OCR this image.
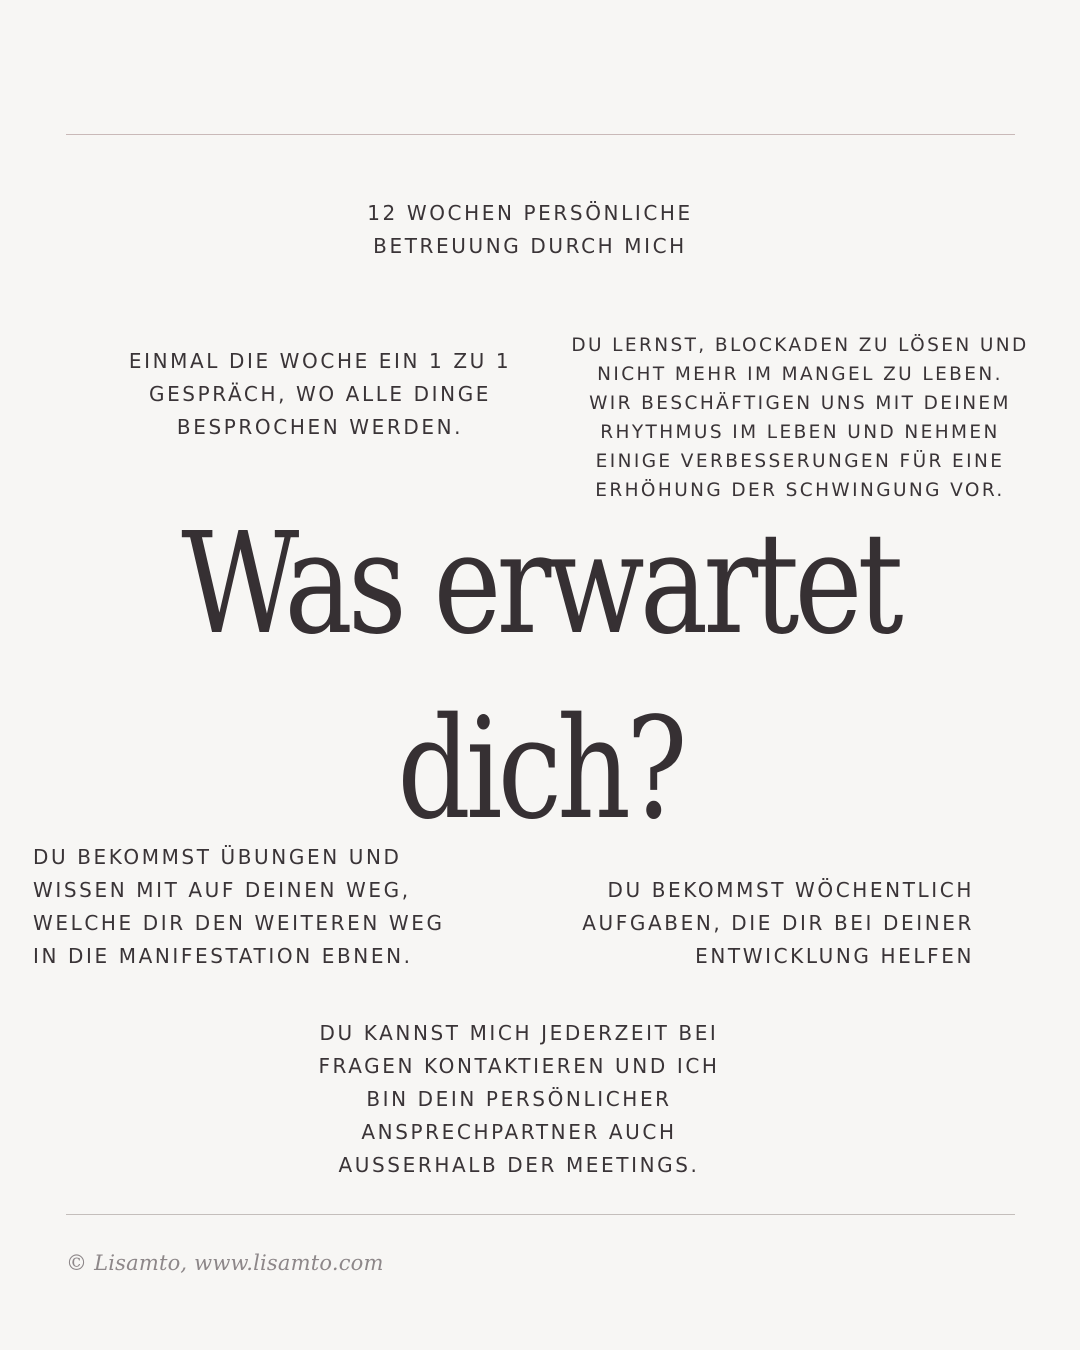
12 WOCHEN PERSÖNLICHE
BETREUUNG DURCH MICH
EINMAL DIE WOCHE EIN 1 ZU 1
GESPRÄCH, WO ALLE DINGE
BESPROCHEN WERDEN.
DU LERNST, BLOCKADEN ZU LÖSEN UND
NICHT MEHR IM MANGEL ZU LEBEN.
WIR BESCHÄFTIGEN UNS MIT DEINEM
RHYTHMUS IM LEBEN UND NEHMEN
EINIGE VERBESSERUNGEN FÜR EINE
ERHÖHUNG DER SCHWINGUNG VOR.
Was erwartet
dich?
DU BEKOMMST ÜBUNGEN UND
WISSEN MIT AUF DEINEN WEG,
WELCHE DIR DEN WEITEREN WEG
IN DIE MANIFESTATION EBNEN.
DU BEKOMMST WÖCHENTLICH
AUFGABEN, DIE DIR BEI DEINER
ENTWICKLUNG HELFEN
DU KANNST MICH JEDERZEIT BEI
FRAGEN KONTAKTIEREN UND ICH
BIN DEIN PERSÖNLICHER
ANSPRECHPARTNER AUCH
AUSSERHALB DER MEETINGS.
© Lisamto, www.lisamto.com
